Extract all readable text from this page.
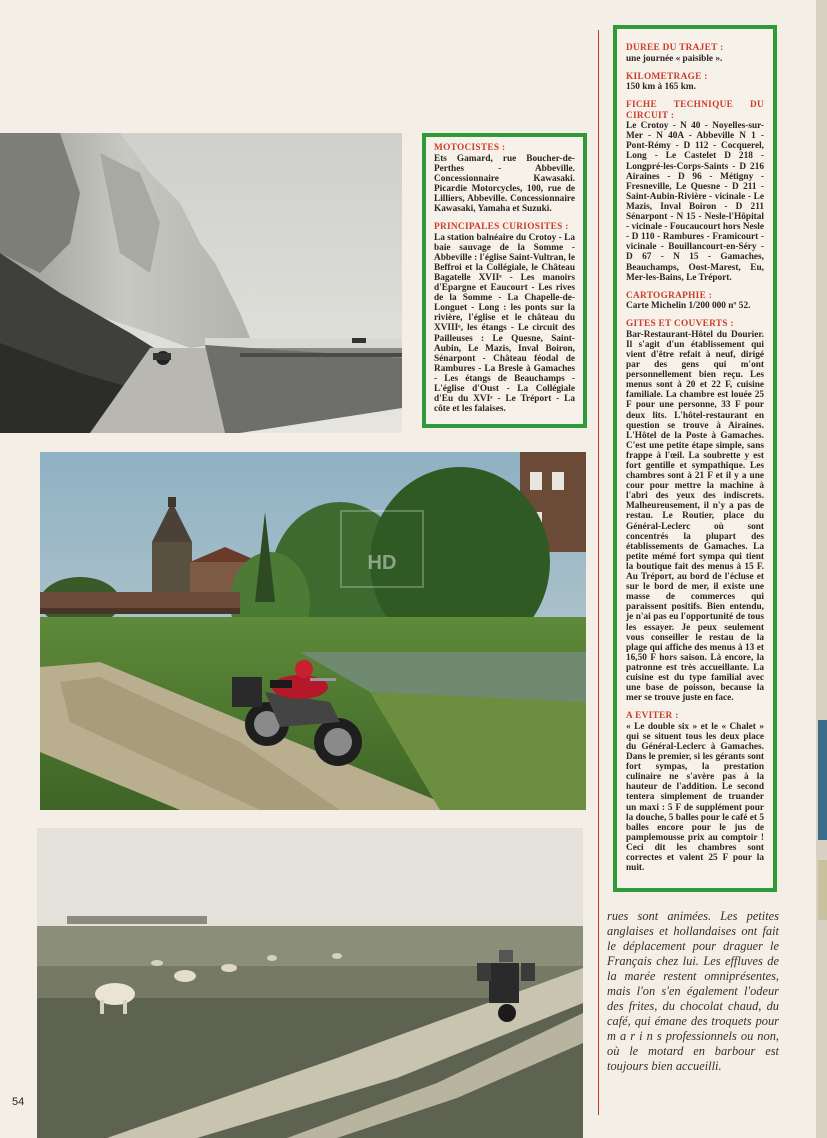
MOTOCISTES :

Ets Gamard, rue Boucher-de-Perthes - Abbeville. Concessionnaire Kawasaki. Picardie Motorcycles, 100, rue de Lilliers, Abbeville. Concessionnaire Kawasaki, Yamaha et Suzuki.

PRINCIPALES CURIOSITES :

La station balnéaire du Crotoy - La baie sauvage de la Somme - Abbeville : l'église Saint-Vultran, le Beffroi et la Collégiale, le Château Bagatelle XVIIᵉ - Les manoirs d'Epargne et Eaucourt - Les rives de la Somme - La Chapelle-de-Longuet - Long : les ponts sur la rivière, l'église et le château du XVIIIᵉ, les étangs - Le circuit des Pailleuses : Le Quesne, Saint-Aubin, Le Mazis, Inval Boiron, Sénarpont - Château féodal de Rambures - La Bresle à Gamaches - Les étangs de Beauchamps - L'église d'Oust - La Collégiale d'Eu du XVIᵉ - Le Tréport - La côte et les falaises.

HD
DUREE DU TRAJET :

une journée « paisible ».

KILOMETRAGE :

150 km à 165 km.

FICHE TECHNIQUE DU CIRCUIT :

Le Crotoy - N 40 - Noyelles-sur-Mer - N 40A - Abbeville N 1 - Pont-Rémy - D 112 - Cocquerel, Long - Le Castelet D 218 - Longpré-les-Corps-Saints - D 216 Airaines - D 96 - Métigny - Fresneville, Le Quesne - D 211 - Saint-Aubin-Rivière - vicinale - Le Mazis, Inval Boiron - D 211 Sénarpont - N 15 - Nesle-l'Hôpital - vicinale - Foucaucourt hors Nesle - D 110 - Rambures - Framicourt - vicinale - Bouillancourt-en-Séry - D 67 - N 15 - Gamaches, Beauchamps, Oost-Marest, Eu, Mer-les-Bains, Le Tréport.

CARTOGRAPHIE :

Carte Michelin 1/200 000 nº 52.

GITES ET COUVERTS :

Bar-Restaurant-Hôtel du Dourier. Il s'agit d'un établissement qui vient d'être refait à neuf, dirigé par des gens qui m'ont personnellement bien reçu. Les menus sont à 20 et 22 F, cuisine familiale. La chambre est louée 25 F pour une personne, 33 F pour deux lits. L'hôtel-restaurant en question se trouve à Airaines. L'Hôtel de la Poste à Gamaches. C'est une petite étape simple, sans frappe à l'œil. La soubrette y est fort gentille et sympathique. Les chambres sont à 21 F et il y a une cour pour mettre la machine à l'abri des yeux des indiscrets. Malheureusement, il n'y a pas de restau. Le Routier, place du Général-Leclerc où sont concentrés la plupart des établissements de Gamaches. La petite mémé fort sympa qui tient la boutique fait des menus à 15 F. Au Tréport, au bord de l'écluse et sur le bord de mer, il existe une masse de commerces qui paraissent positifs. Bien entendu, je n'ai pas eu l'opportunité de tous les essayer. Je peux seulement vous conseiller le restau de la plage qui affiche des menus à 13 et 16,50 F hors saison. Là encore, la patronne est très accueillante. La cuisine est du type familial avec une base de poisson, because la mer se trouve juste en face.

A EVITER :

« Le double six » et le « Chalet » qui se situent tous les deux place du Général-Leclerc à Gamaches. Dans le premier, si les gérants sont fort sympas, la prestation culinaire ne s'avère pas à la hauteur de l'addition. Le second tentera simplement de truander un maxi : 5 F de supplément pour la douche, 5 balles pour le café et 5 balles encore pour le jus de pamplemousse prix au comptoir ! Ceci dit les chambres sont correctes et valent 25 F pour la nuit.

rues sont animées. Les petites anglaises et hollandaises ont fait le déplacement pour draguer le Français chez lui. Les effluves de la marée restent omniprésentes, mais l'on s'en également l'odeur des frites, du chocolat chaud, du café, qui émane des troquets pour m a r i n s professionnels ou non, où le motard en barbour est toujours bien accueilli.
54
